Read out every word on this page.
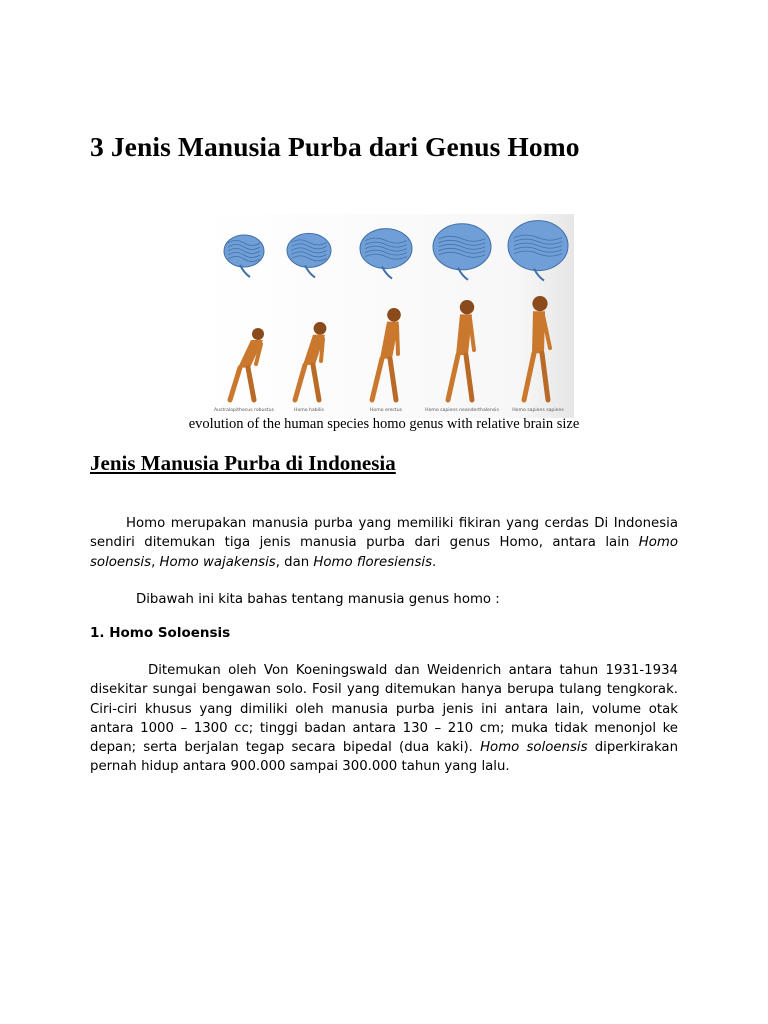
3 Jenis Manusia Purba dari Genus Homo
Australopithecus robustus	Homo habilis	Homo erectus	Homo sapiens neanderthalensis	Homo sapiens sapiens
evolution of the human species homo genus with relative brain size
Jenis Manusia Purba di Indonesia

Homo merupakan manusia purba yang memiliki fikiran yang cerdas Di Indonesia sendiri ditemukan tiga jenis manusia purba dari genus Homo, antara lain Homo soloensis, Homo wajakensis, dan Homo floresiensis.

Dibawah ini kita bahas tentang manusia genus homo :

1. Homo Soloensis

Ditemukan oleh Von Koeningswald dan Weidenrich antara tahun 1931-1934 disekitar sungai bengawan solo. Fosil yang ditemukan hanya berupa tulang tengkorak. Ciri-ciri khusus yang dimiliki oleh manusia purba jenis ini antara lain, volume otak antara 1000 – 1300 cc; tinggi badan antara 130 – 210 cm; muka tidak menonjol ke depan; serta berjalan tegap secara bipedal (dua kaki). Homo soloensis diperkirakan pernah hidup antara 900.000 sampai 300.000 tahun yang lalu.
